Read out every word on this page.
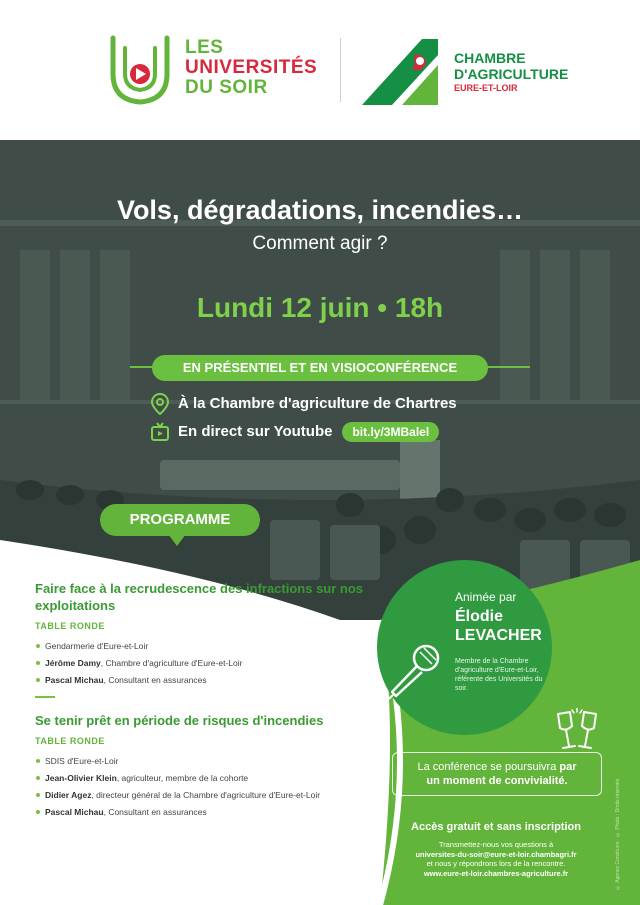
LES
UNIVERSITÉS
DU SOIR
CHAMBRE
D'AGRICULTURE
EURE-ET-LOIR
Vols, dégradations, incendies…
Comment agir ?
Lundi 12 juin • 18h
EN PRÉSENTIEL ET EN VISIOCONFÉRENCE
À la Chambre d'agriculture de Chartres
En direct sur Youtube bit.ly/3MBalel
PROGRAMME
Faire face à la recrudescence des infractions sur nos exploitations
TABLE RONDE
Gendarmerie d'Eure-et-Loir
Jérôme Damy, Chambre d'agriculture d'Eure-et-Loir
Pascal Michau, Consultant en assurances
Se tenir prêt en période de risques d'incendies
TABLE RONDE
SDIS d'Eure-et-Loir
Jean-Olivier Klein, agriculteur, membre de la cohorte
Didier Agez, directeur général de la Chambre d'agriculture d'Eure-et-Loir
Pascal Michau, Consultant en assurances
Animée par
Élodie
LEVACHER
Membre de la Chambre d'agriculture d'Eure-et-Loir, référente des Universités du soir.
La conférence se poursuivra par
un moment de convivialité.
Accès gratuit et sans inscription
Transmettez-nous vos questions à
universites-du-soir@eure-et-loir.chambagri.fr
et nous y répondrons lors de la rencontre.
www.eure-et-loir.chambres-agriculture.fr	© Agence Construire · © Photo : Droits réservés
